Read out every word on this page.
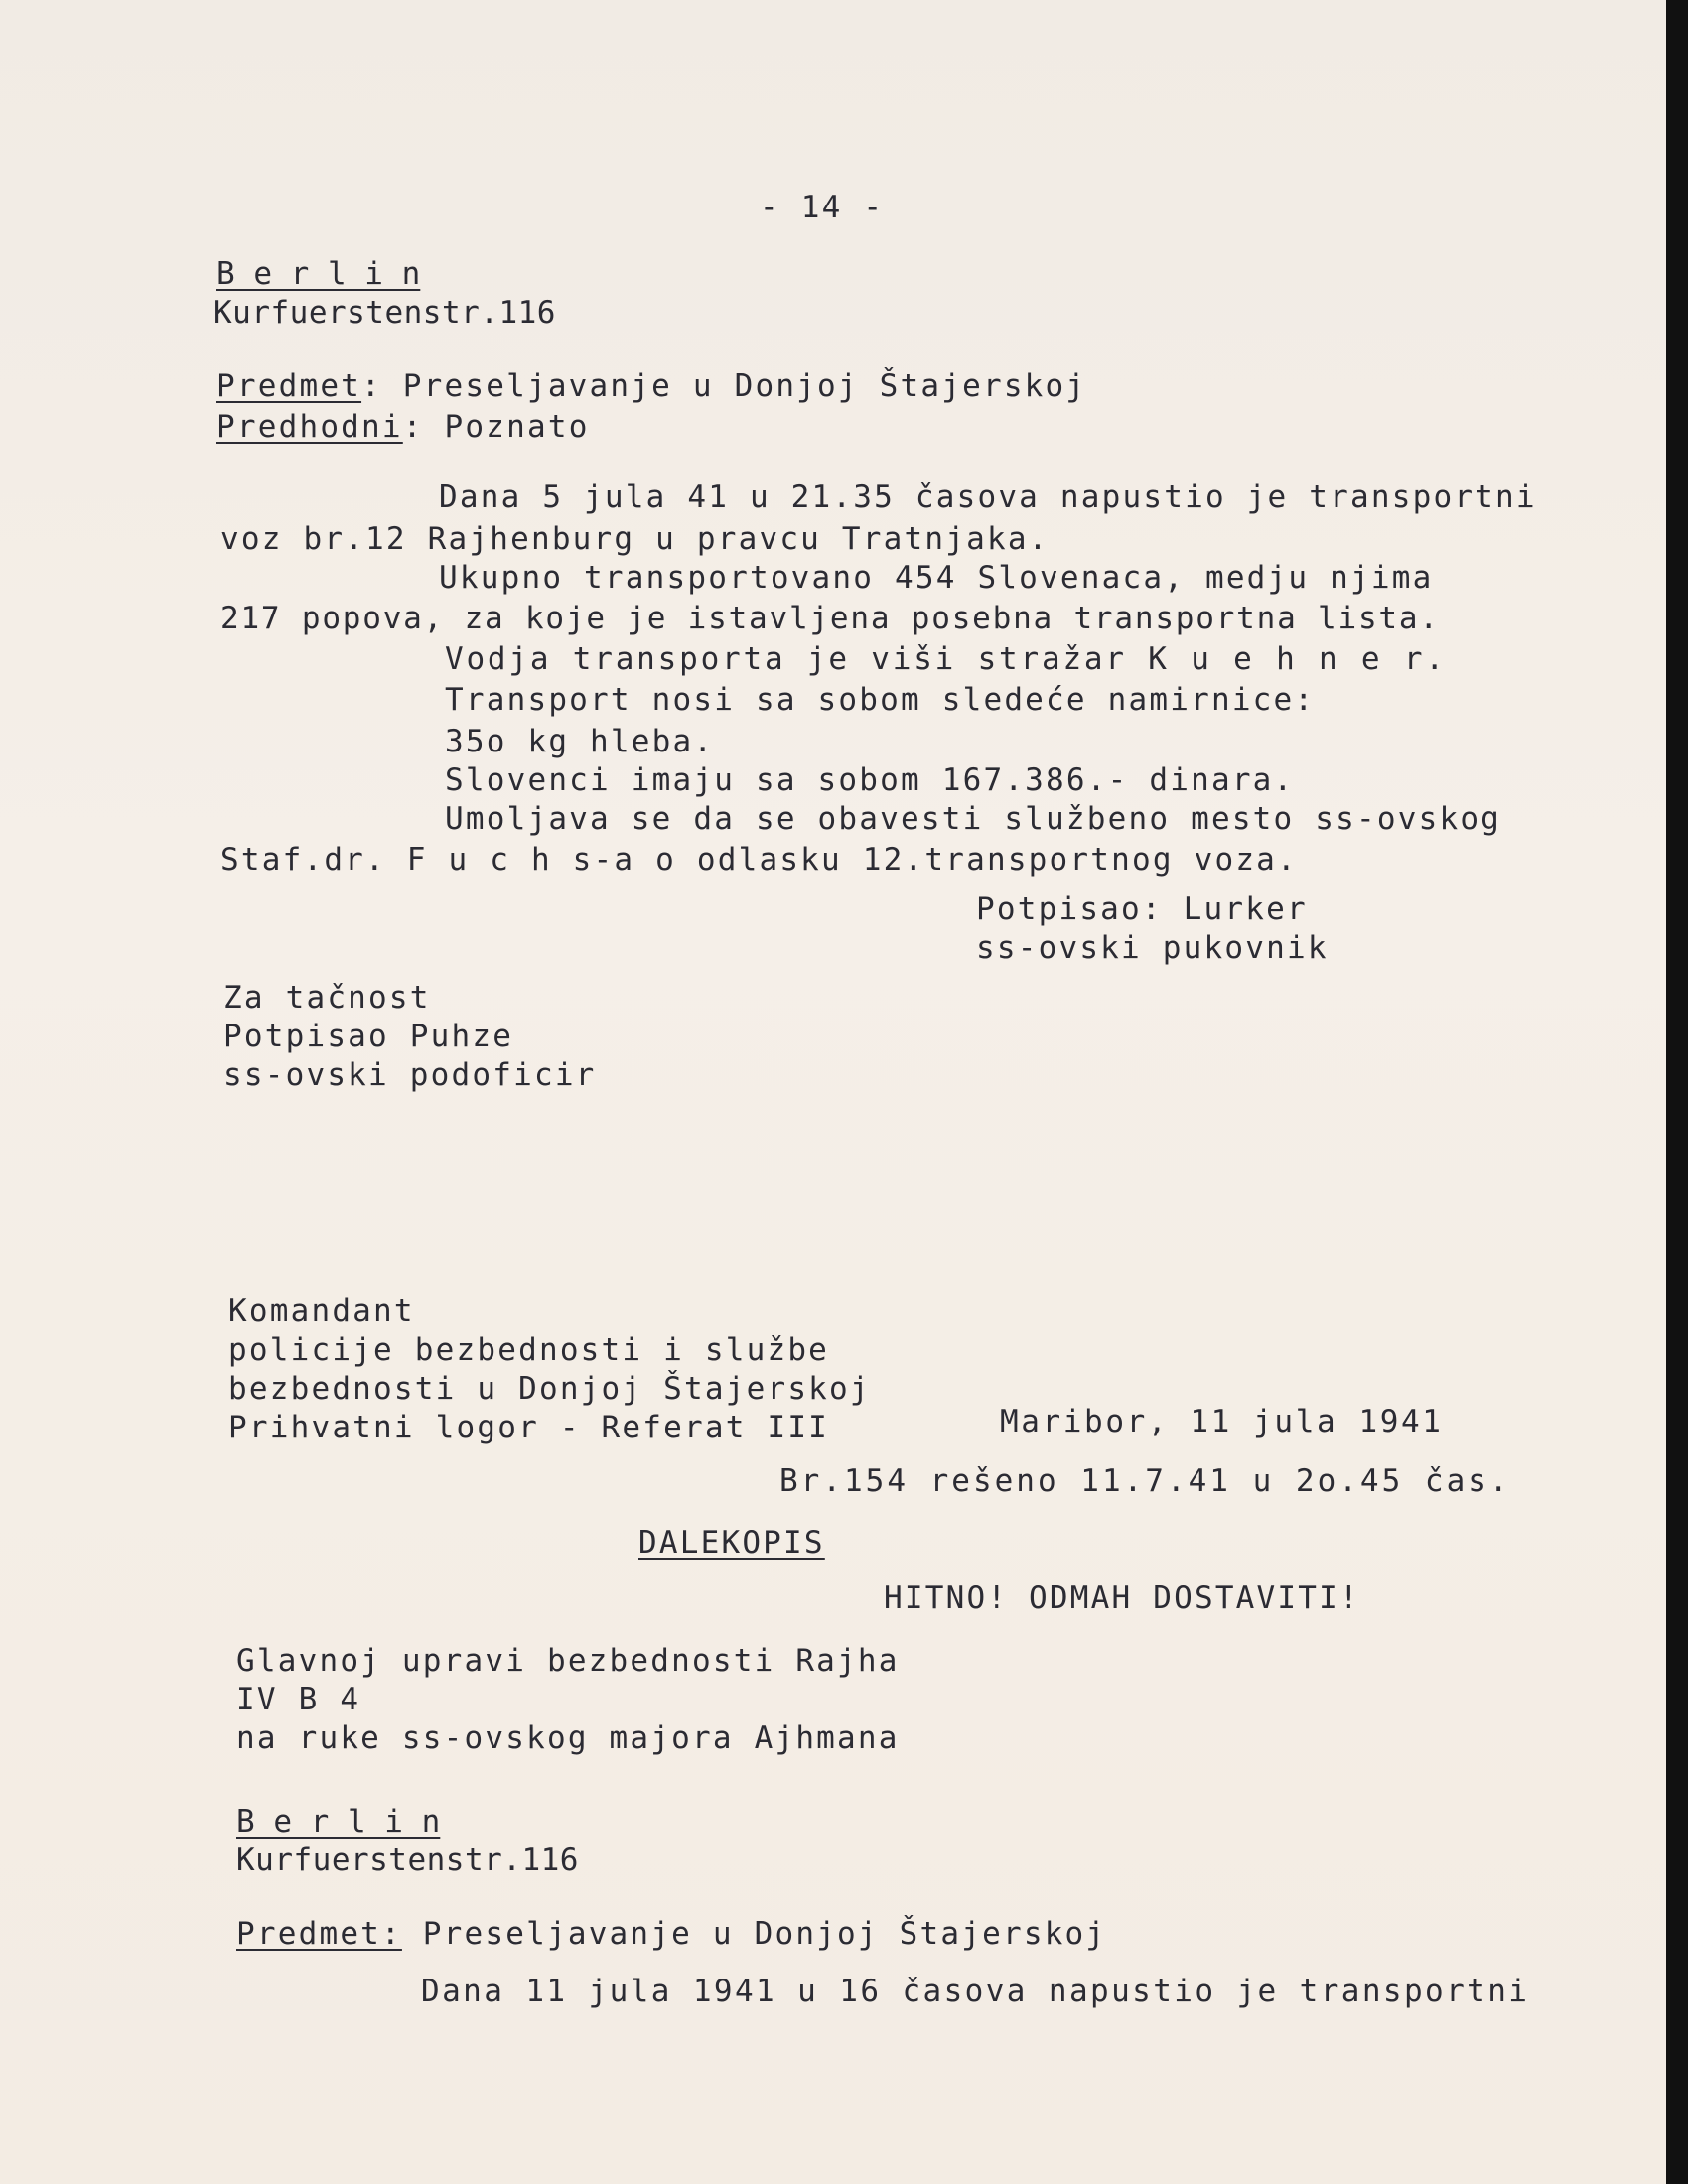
- 14 -
B e r l i n
Kurfuerstenstr.116
Predmet: Preseljavanje u Donjoj Štajerskoj
Predhodni: Poznato
Dana 5 jula 41 u 21.35 časova napustio je transportni
voz br.12 Rajhenburg u pravcu Tratnjaka.
Ukupno transportovano 454 Slovenaca, medju njima
217 popova, za koje je istavljena posebna transportna lista.
Vodja transporta je viši stražar K u e h n e r.
Transport nosi sa sobom sledeće namirnice:
35o kg hleba.
Slovenci imaju sa sobom 167.386.- dinara.
Umoljava se da se obavesti službeno mesto ss-ovskog
Staf.dr. F u c h s-a o odlasku 12.transportnog voza.
Potpisao: Lurker
ss-ovski pukovnik
Za tačnost
Potpisao Puhze
ss-ovski podoficir
Komandant
policije bezbednosti i službe
bezbednosti u Donjoj Štajerskoj
Prihvatni logor - Referat III	Maribor, 11 jula 1941
Br.154 rešeno 11.7.41 u 2o.45 čas.
DALEKOPIS
HITNO! ODMAH DOSTAVITI!
Glavnoj upravi bezbednosti Rajha
IV B 4
na ruke ss-ovskog majora Ajhmana
B e r l i n
Kurfuerstenstr.116
Predmet: Preseljavanje u Donjoj Štajerskoj
Dana 11 jula 1941 u 16 časova napustio je transportni
